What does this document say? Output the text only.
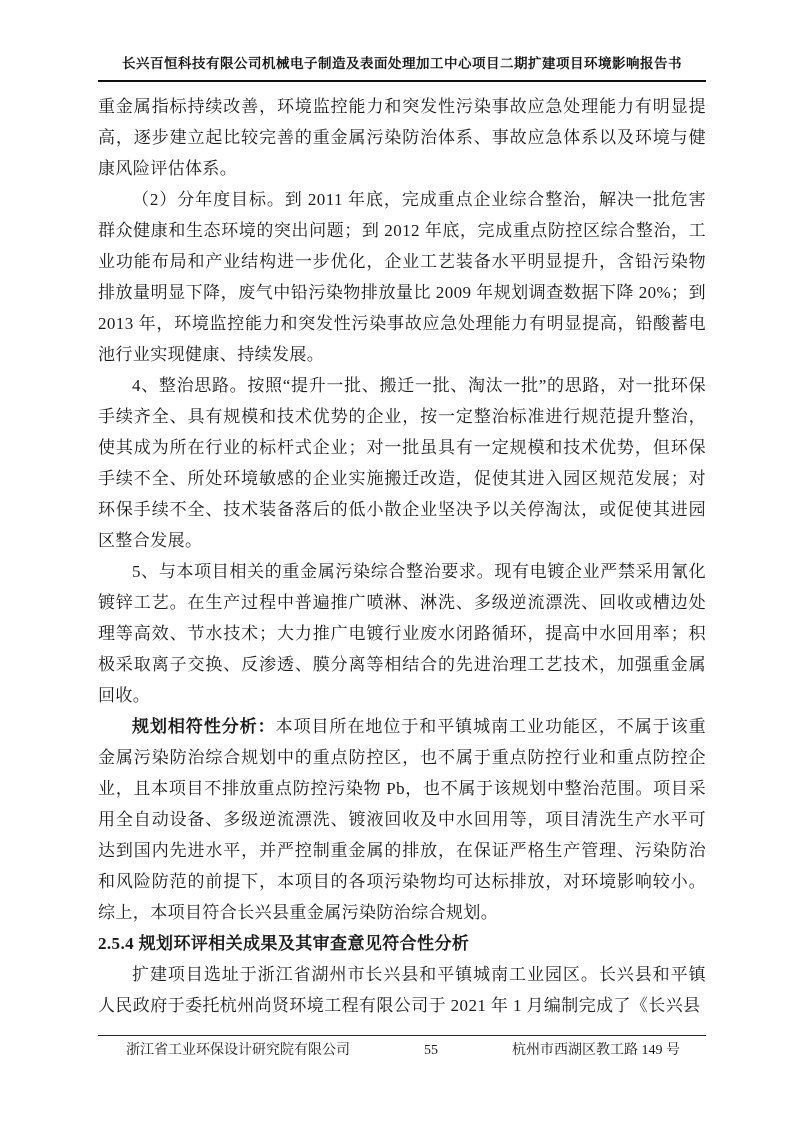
长兴百恒科技有限公司机械电子制造及表面处理加工中心项目二期扩建项目环境影响报告书

重金属指标持续改善，环境监控能力和突发性污染事故应急处理能力有明显提高，逐步建立起比较完善的重金属污染防治体系、事故应急体系以及环境与健康风险评估体系。

（2）分年度目标。到 2011 年底，完成重点企业综合整治，解决一批危害群众健康和生态环境的突出问题；到 2012 年底，完成重点防控区综合整治，工业功能布局和产业结构进一步优化，企业工艺装备水平明显提升，含铅污染物排放量明显下降，废气中铅污染物排放量比 2009 年规划调查数据下降 20%；到 2013 年，环境监控能力和突发性污染事故应急处理能力有明显提高，铅酸蓄电池行业实现健康、持续发展。

4、整治思路。按照“提升一批、搬迁一批、淘汰一批”的思路，对一批环保手续齐全、具有规模和技术优势的企业，按一定整治标准进行规范提升整治，使其成为所在行业的标杆式企业；对一批虽具有一定规模和技术优势，但环保手续不全、所处环境敏感的企业实施搬迁改造，促使其进入园区规范发展；对环保手续不全、技术装备落后的低小散企业坚决予以关停淘汰，或促使其进园区整合发展。

5、与本项目相关的重金属污染综合整治要求。现有电镀企业严禁采用氰化镀锌工艺。在生产过程中普遍推广喷淋、淋洗、多级逆流漂洗、回收或槽边处理等高效、节水技术；大力推广电镀行业废水闭路循环，提高中水回用率；积极采取离子交换、反渗透、膜分离等相结合的先进治理工艺技术，加强重金属回收。

规划相符性分析：本项目所在地位于和平镇城南工业功能区，不属于该重金属污染防治综合规划中的重点防控区，也不属于重点防控行业和重点防控企业，且本项目不排放重点防控污染物 Pb，也不属于该规划中整治范围。项目采用全自动设备、多级逆流漂洗、镀液回收及中水回用等，项目清洗生产水平可达到国内先进水平，并严控制重金属的排放，在保证严格生产管理、污染防治和风险防范的前提下，本项目的各项污染物均可达标排放，对环境影响较小。综上，本项目符合长兴县重金属污染防治综合规划。

2.5.4 规划环评相关成果及其审查意见符合性分析

扩建项目选址于浙江省湖州市长兴县和平镇城南工业园区。长兴县和平镇人民政府于委托杭州尚贤环境工程有限公司于 2021 年 1 月编制完成了《长兴县

浙江省工业环保设计研究院有限公司	55	杭州市西湖区教工路 149 号
